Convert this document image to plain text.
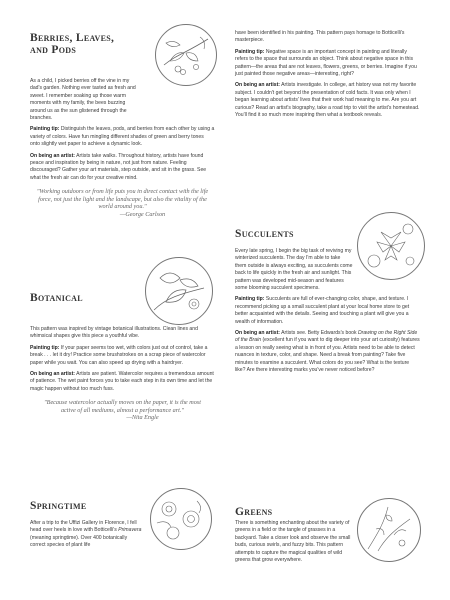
Berries, Leaves, and Pods

As a child, I picked berries off the vine in my dad's garden. Nothing ever tasted as fresh and sweet. I remember soaking up those warm moments with my family, the bees buzzing around us as the sun glistened through the branches.

Painting tip: Distinguish the leaves, pods, and berries from each other by using a variety of colors. Have fun mingling different shades of green and berry tones onto slightly wet paper to achieve a dynamic look.

On being an artist: Artists take walks. Throughout history, artists have found peace and inspiration by being in nature, not just from nature. Feeling discouraged? Gather your art materials, step outside, and sit in the grass. See what the fresh air can do for your creative mind.

"Working outdoors or from life puts you in direct contact with the life force, not just the light and the landscape, but also the vitality of the world around you."

—George Carlson
Botanical

This pattern was inspired by vintage botanical illustrations. Clean lines and whimsical shapes give this piece a youthful vibe.

Painting tip: If your paper seems too wet, with colors just out of control, take a break . . . let it dry! Practice some brushstrokes on a scrap piece of watercolor paper while you wait. You can also speed up drying with a hairdryer.

On being an artist: Artists are patient. Watercolor requires a tremendous amount of patience. The wet paint forces you to take each step in its own time and let the magic happen without too much fuss.

"Because watercolor actually moves on the paper, it is the most active of all mediums, almost a performance art."

—Nita Engle
Springtime

After a trip to the Uffizi Gallery in Florence, I fell head over heels in love with Botticelli's Primavera (meaning springtime). Over 400 botanically correct species of plant life

have been identified in his painting. This pattern pays homage to Botticelli's masterpiece.

Painting tip: Negative space is an important concept in painting and literally refers to the space that surrounds an object. Think about negative space in this pattern—the areas that are not leaves, flowers, greens, or berries. Imagine if you just painted those negative areas—interesting, right?

On being an artist: Artists investigate. In college, art history was not my favorite subject. I couldn't get beyond the presentation of cold facts. It was only when I began learning about artists' lives that their work had meaning to me. Are you art curious? Read an artist's biography, take a road trip to visit the artist's homestead. You'll find it so much more inspiring then what a textbook reveals.

Succulents

Every late spring, I begin the big task of reviving my winterized succulents. The day I'm able to take them outside is always exciting, as succulents come back to life quickly in the fresh air and sunlight. This pattern was developed mid-season and features some blooming succulent specimens.

Painting tip: Succulents are full of ever-changing color, shape, and texture. I recommend picking up a small succulent plant at your local home store to get better acquainted with the details. Seeing and touching a plant will give you a wealth of information.

On being an artist: Artists see. Betty Edwards's book Drawing on the Right Side of the Brain (excellent fun if you want to dig deeper into your art curiosity) features a lesson on really seeing what is in front of you. Artists need to be able to detect nuances in texture, color, and shape. Need a break from painting? Take five minutes to examine a succulent. What colors do you see? What is the texture like? Are there interesting marks you've never noticed before?

Greens

There is something enchanting about the variety of greens in a field or the tangle of grasses in a backyard. Take a closer look and observe the small buds, curious swirls, and fuzzy bits. This pattern attempts to capture the magical qualities of wild greens that grow everywhere.
